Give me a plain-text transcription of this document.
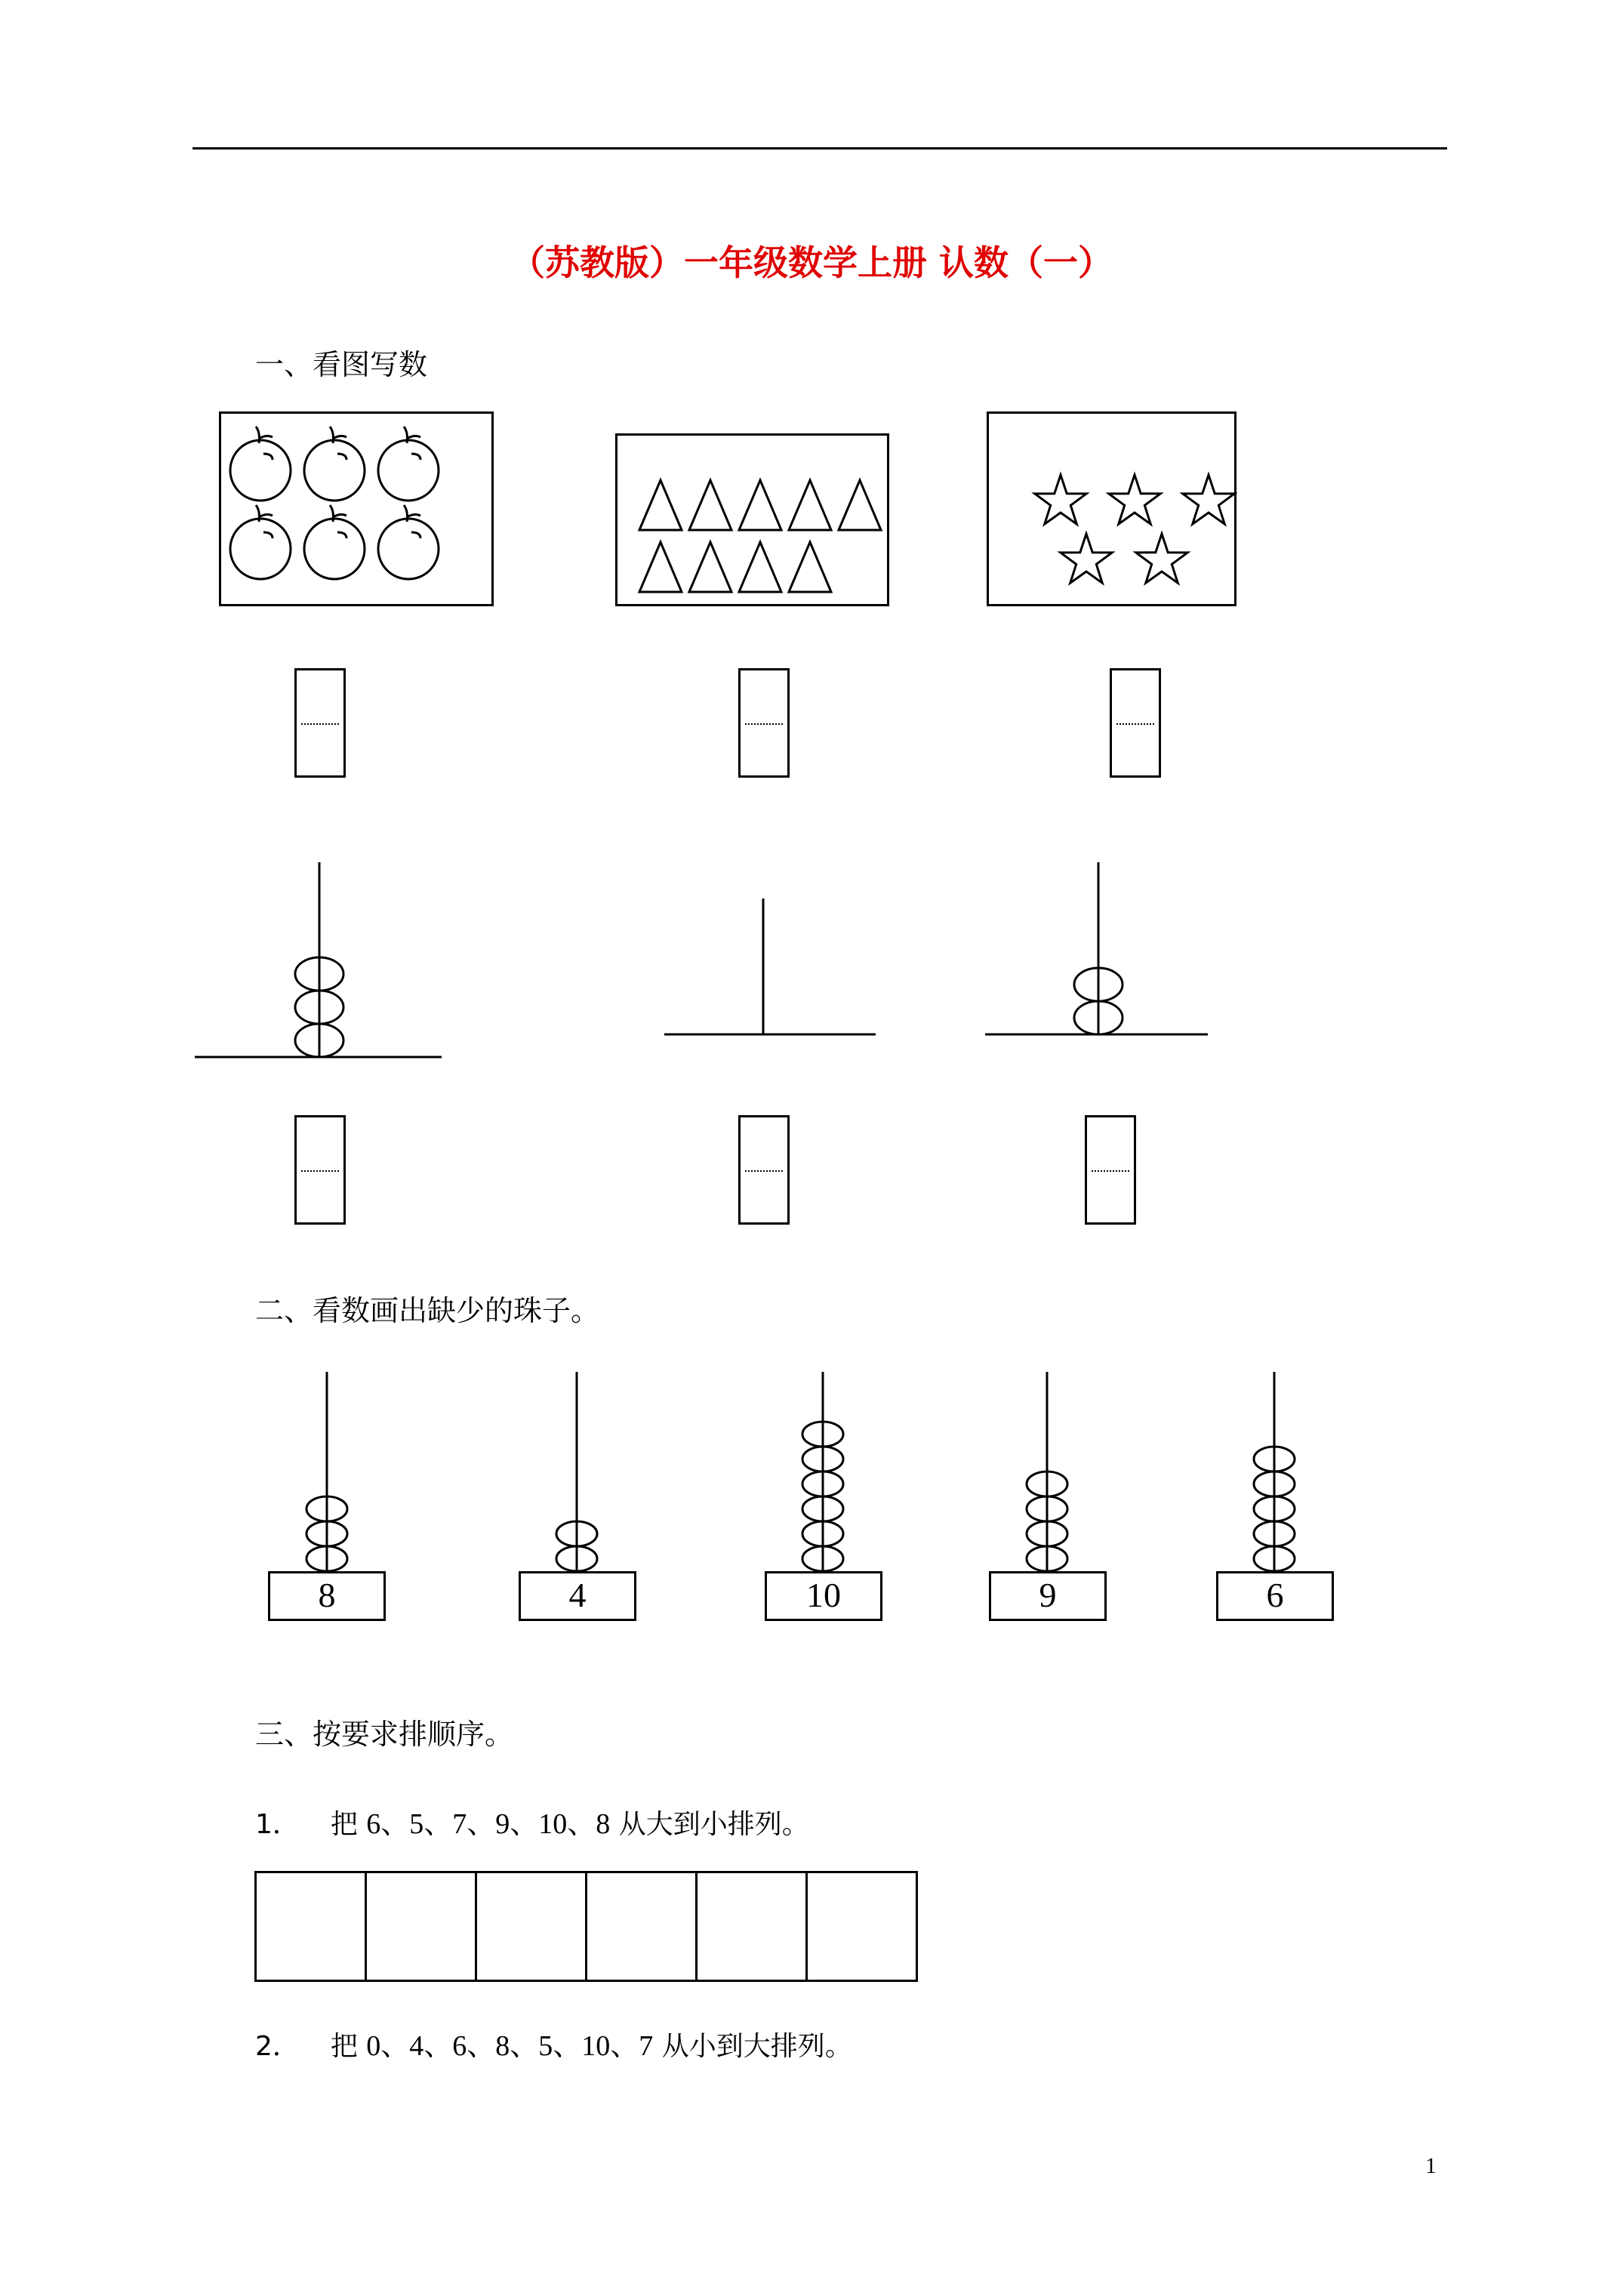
（苏教版）一年级数学上册 认数（一）
一、看图写数
二、看数画出缺少的珠子。
8	4	10	9	6
三、按要求排顺序。
1． 把 6、5、7、9、10、8 从大到小排列。
2． 把 0、4、6、8、5、10、7 从小到大排列。
1
